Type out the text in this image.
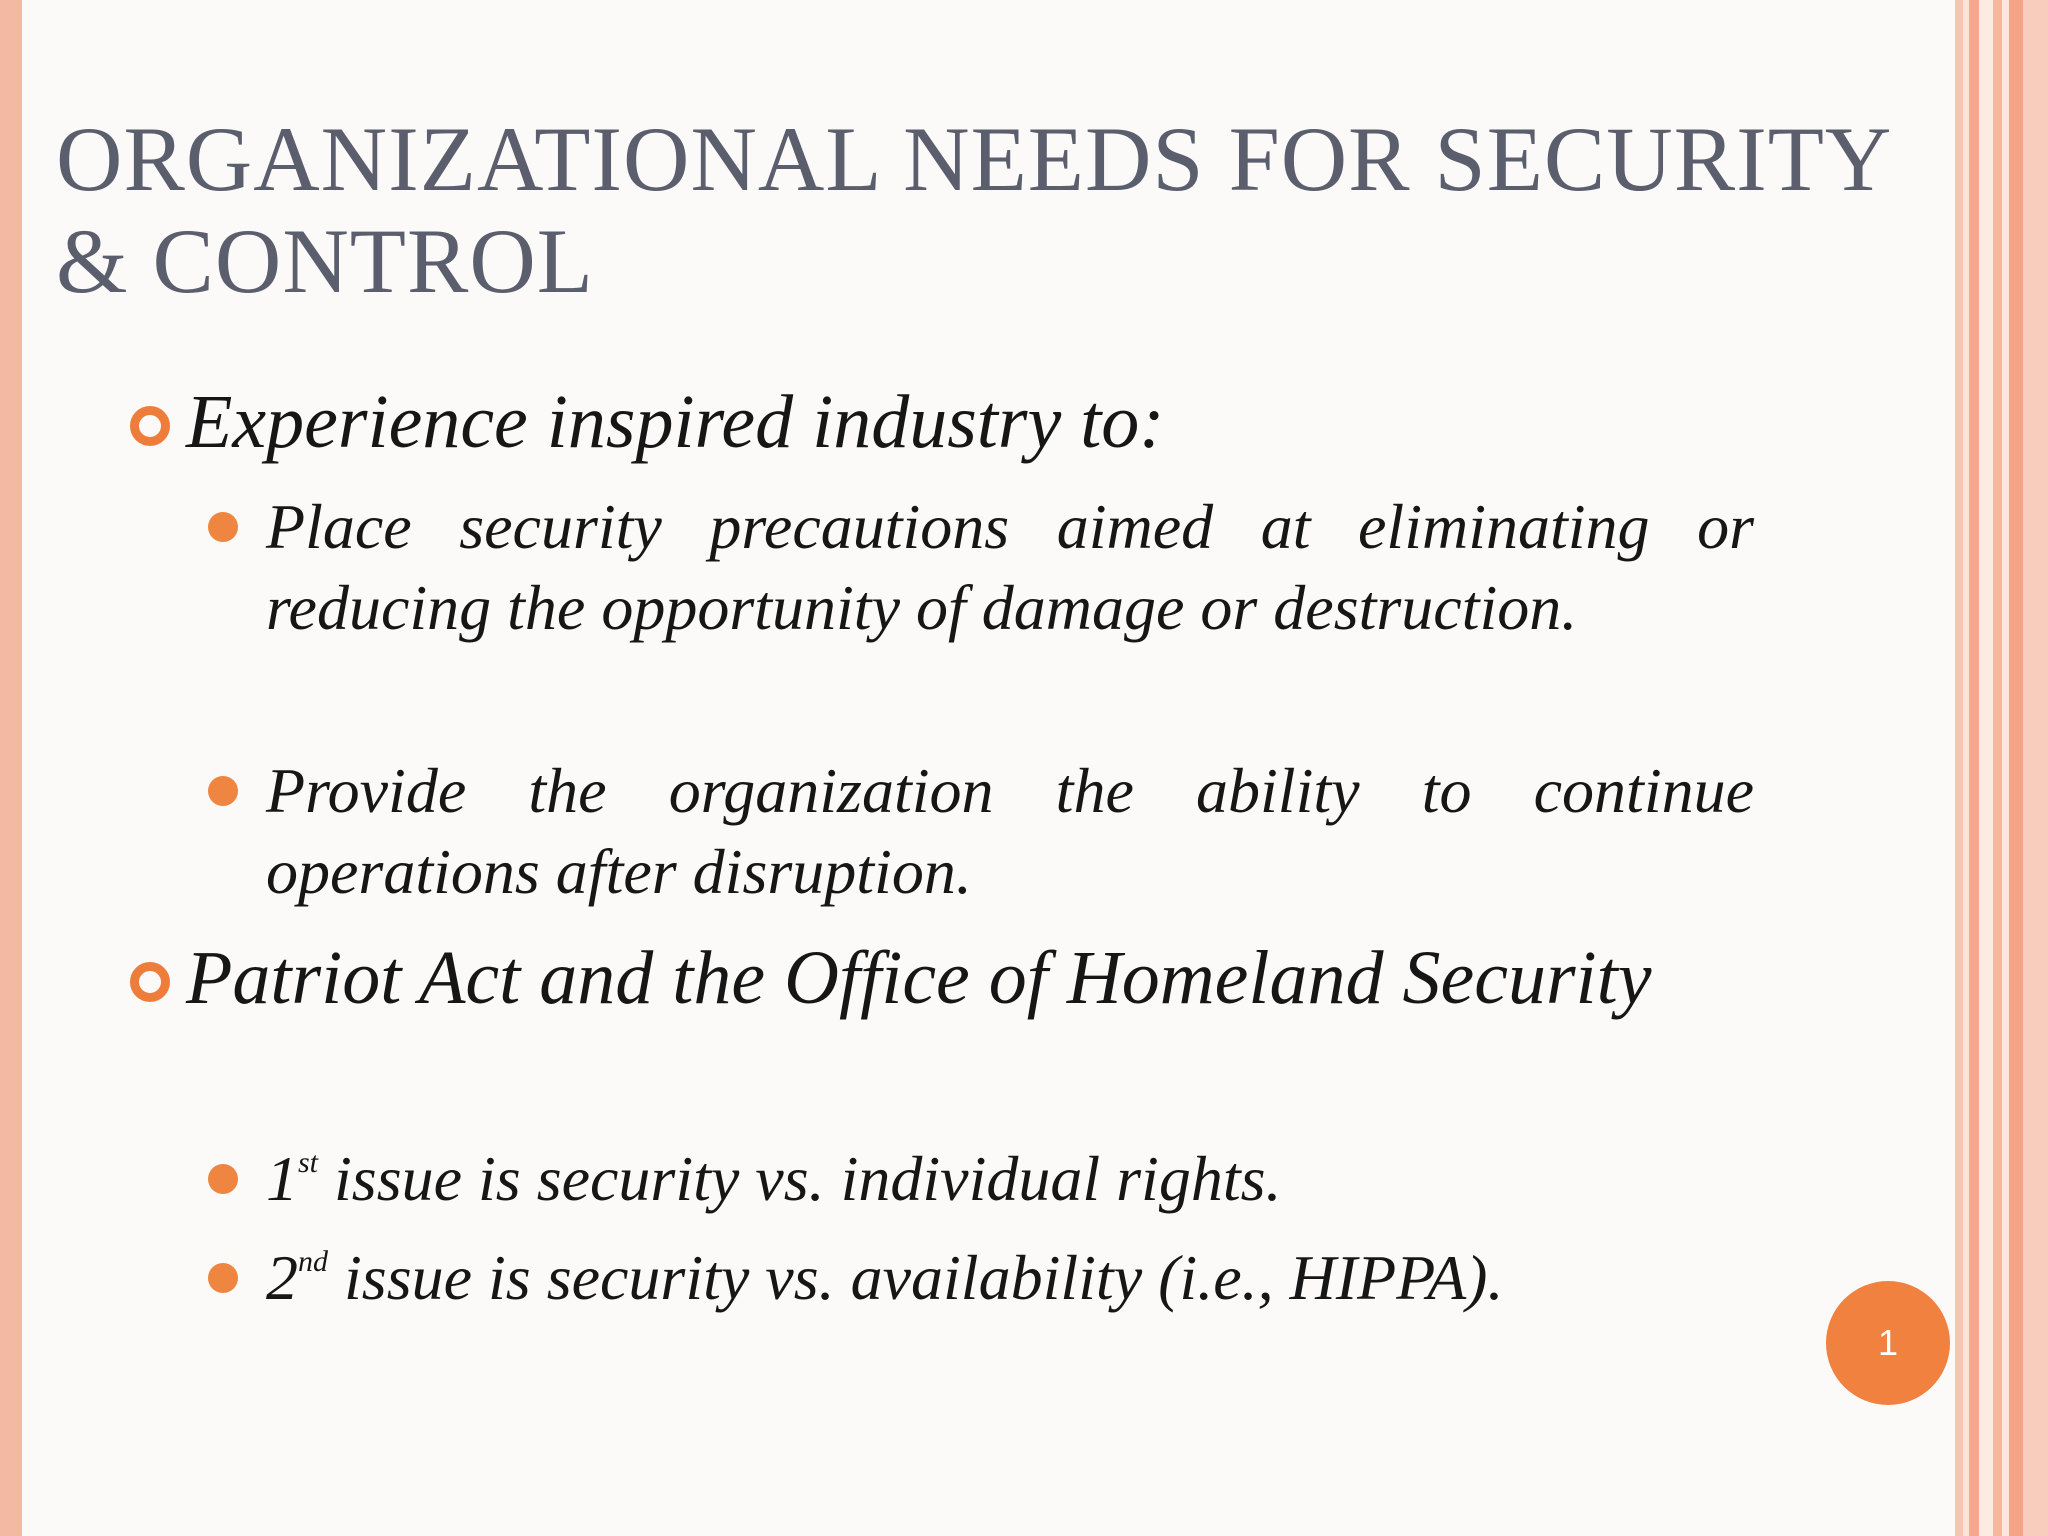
ORGANIZATIONAL NEEDS FOR SECURITY & CONTROL
Experience inspired industry to:
Place security precautions aimed at eliminating or reducing the opportunity of damage or destruction.
Provide the organization the ability to continue operations after disruption.
Patriot Act and the Office of Homeland Security
1st issue is security vs. individual rights.
2nd issue is security vs. availability (i.e., HIPPA).
1
